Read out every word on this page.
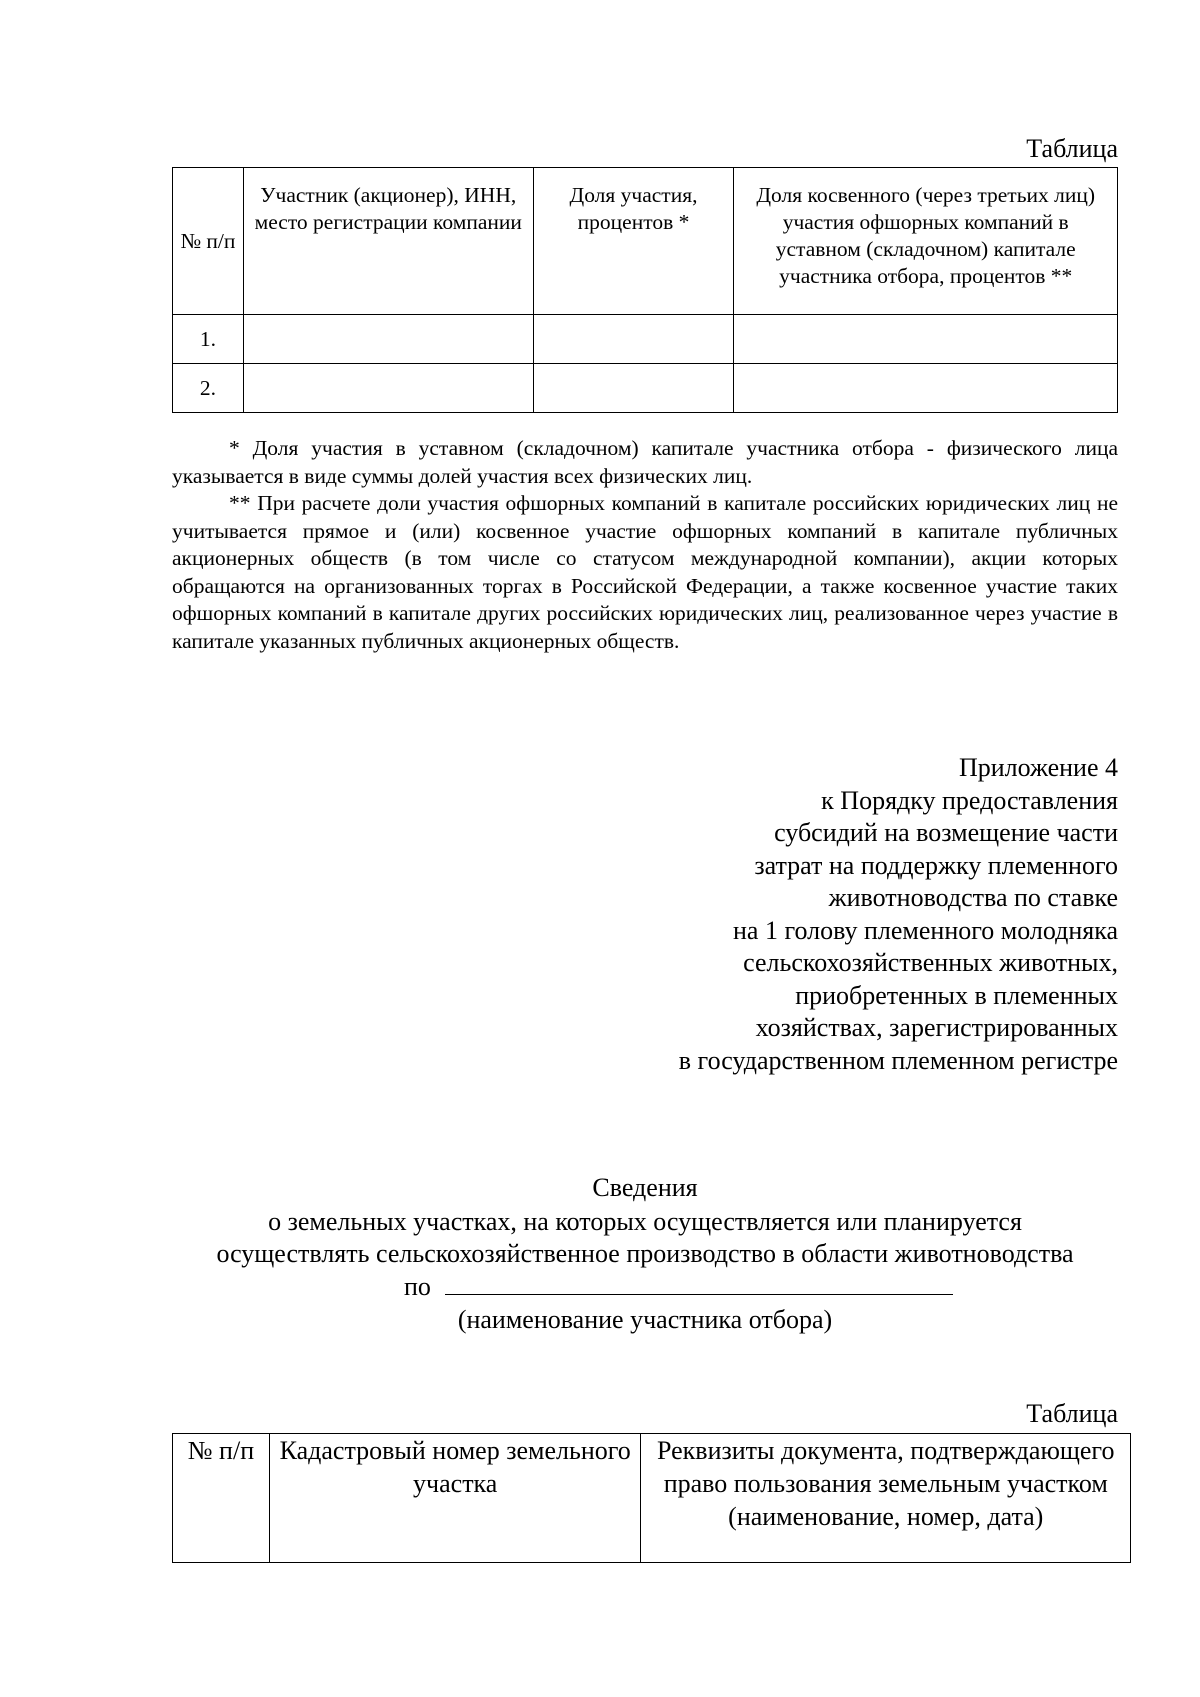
Таблица
№ п/п	Участник (акционер), ИНН, место регистрации компании	Доля участия, процентов *	Доля косвенного (через третьих лиц) участия офшорных компаний в уставном (складочном) капитале участника отбора, процентов **
1.			
2.			

* Доля участия в уставном (складочном) капитале участника отбора - физического лица указывается в виде суммы долей участия всех физических лиц.

** При расчете доли участия офшорных компаний в капитале российских юридических лиц не учитывается прямое и (или) косвенное участие офшорных компаний в капитале публичных акционерных обществ (в том числе со статусом международной компании), акции которых обращаются на организованных торгах в Российской Федерации, а также косвенное участие таких офшорных компаний в капитале других российских юридических лиц, реализованное через участие в капитале указанных публичных акционерных обществ.

Приложение 4
к Порядку предоставления
субсидий на возмещение части
затрат на поддержку племенного
животноводства по ставке
на 1 голову племенного молодняка
сельскохозяйственных животных,
приобретенных в племенных
хозяйствах, зарегистрированных
в государственном племенном регистре
Сведения
о земельных участках, на которых осуществляется или планируется
осуществлять сельскохозяйственное производство в области животноводства
по
(наименование участника отбора)
Таблица
№ п/п	Кадастровый номер земельного участка	Реквизиты документа, подтверждающего право пользования земельным участком (наименование, номер, дата)
